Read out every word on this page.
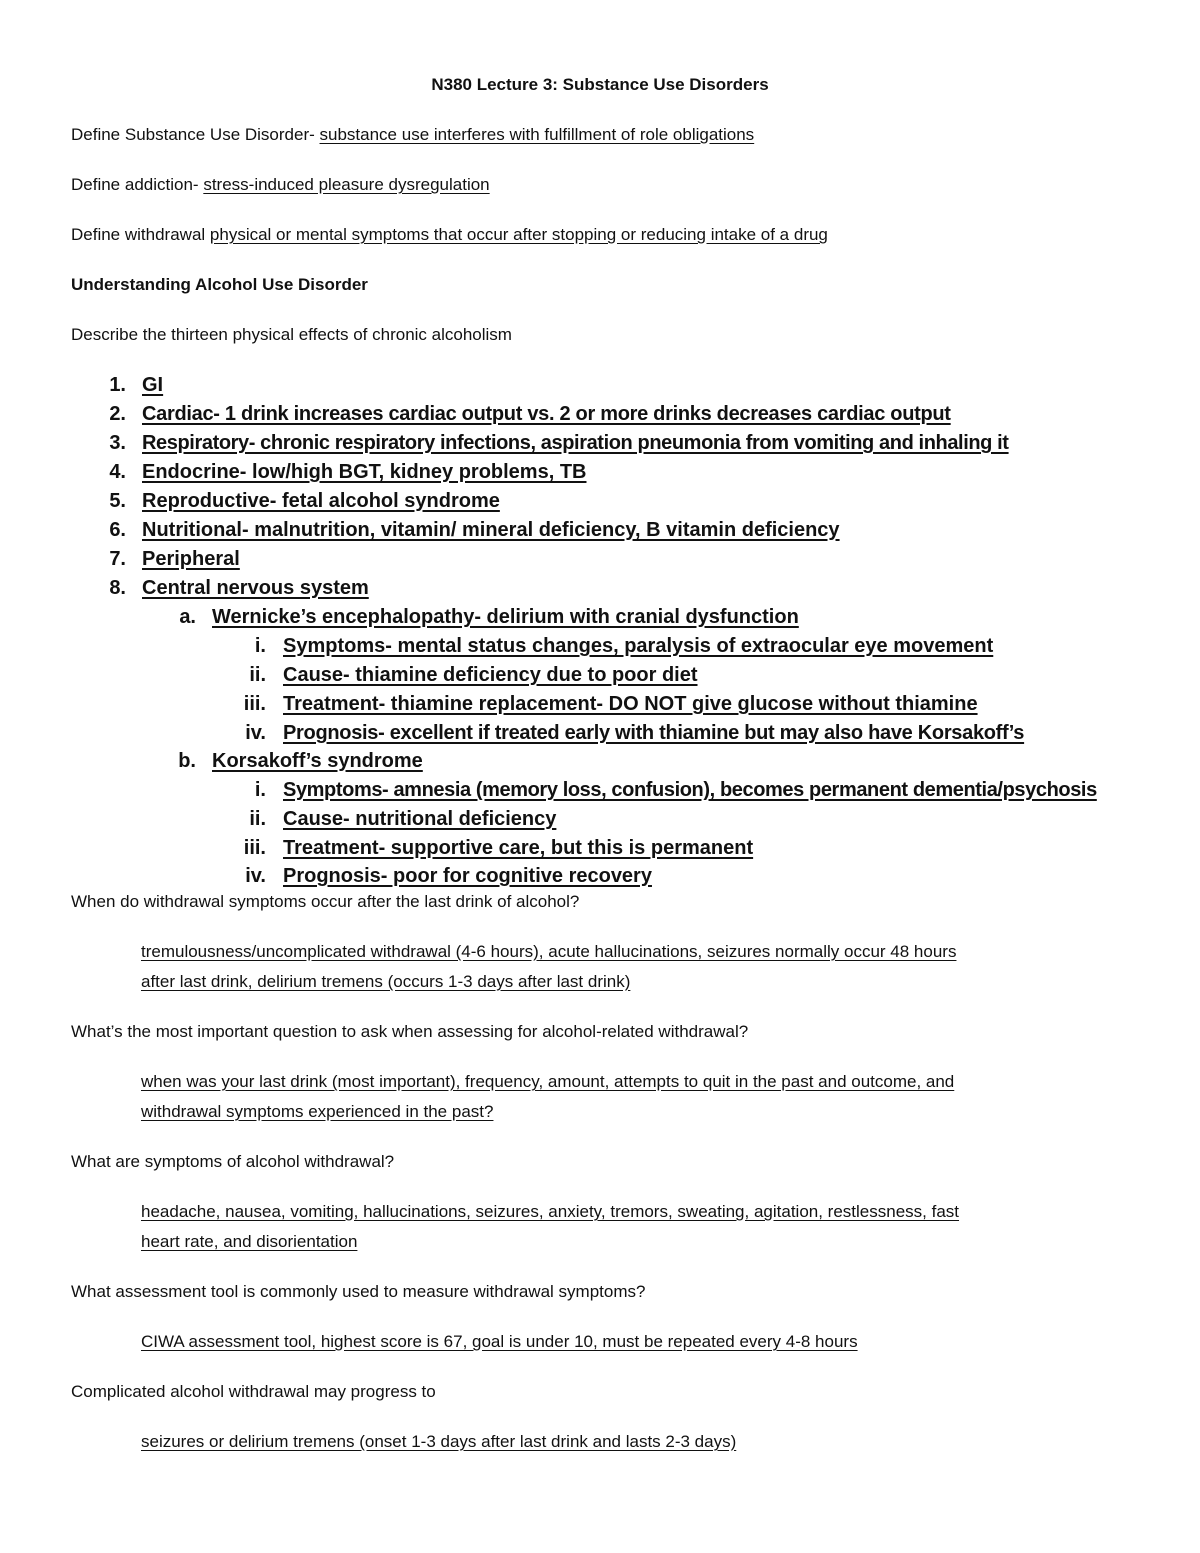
N380 Lecture 3: Substance Use Disorders
Define Substance Use Disorder- substance use interferes with fulfillment of role obligations
Define addiction- stress-induced pleasure dysregulation
Define withdrawal physical or mental symptoms that occur after stopping or reducing intake of a drug
Understanding Alcohol Use Disorder
Describe the thirteen physical effects of chronic alcoholism
1. GI
2. Cardiac- 1 drink increases cardiac output vs. 2 or more drinks decreases cardiac output
3. Respiratory- chronic respiratory infections, aspiration pneumonia from vomiting and inhaling it
4. Endocrine- low/high BGT, kidney problems, TB
5. Reproductive- fetal alcohol syndrome
6. Nutritional- malnutrition, vitamin/ mineral deficiency, B vitamin deficiency
7. Peripheral
8. Central nervous system
a. Wernicke’s encephalopathy- delirium with cranial dysfunction
i. Symptoms- mental status changes, paralysis of extraocular eye movement
ii. Cause- thiamine deficiency due to poor diet
iii. Treatment- thiamine replacement- DO NOT give glucose without thiamine
iv. Prognosis- excellent if treated early with thiamine but may also have Korsakoff’s
b. Korsakoff’s syndrome
i. Symptoms- amnesia (memory loss, confusion), becomes permanent dementia/psychosis
ii. Cause- nutritional deficiency
iii. Treatment- supportive care, but this is permanent
iv. Prognosis- poor for cognitive recovery
When do withdrawal symptoms occur after the last drink of alcohol?
tremulousness/uncomplicated withdrawal (4-6 hours), acute hallucinations, seizures normally occur 48 hours
after last drink, delirium tremens (occurs 1-3 days after last drink)
What’s the most important question to ask when assessing for alcohol-related withdrawal?
when was your last drink (most important), frequency, amount, attempts to quit in the past and outcome, and
withdrawal symptoms experienced in the past?
What are symptoms of alcohol withdrawal?
headache, nausea, vomiting, hallucinations, seizures, anxiety, tremors, sweating, agitation, restlessness, fast
heart rate, and disorientation
What assessment tool is commonly used to measure withdrawal symptoms?
CIWA assessment tool, highest score is 67, goal is under 10, must be repeated every 4-8 hours
Complicated alcohol withdrawal may progress to
seizures or delirium tremens (onset 1-3 days after last drink and lasts 2-3 days)
